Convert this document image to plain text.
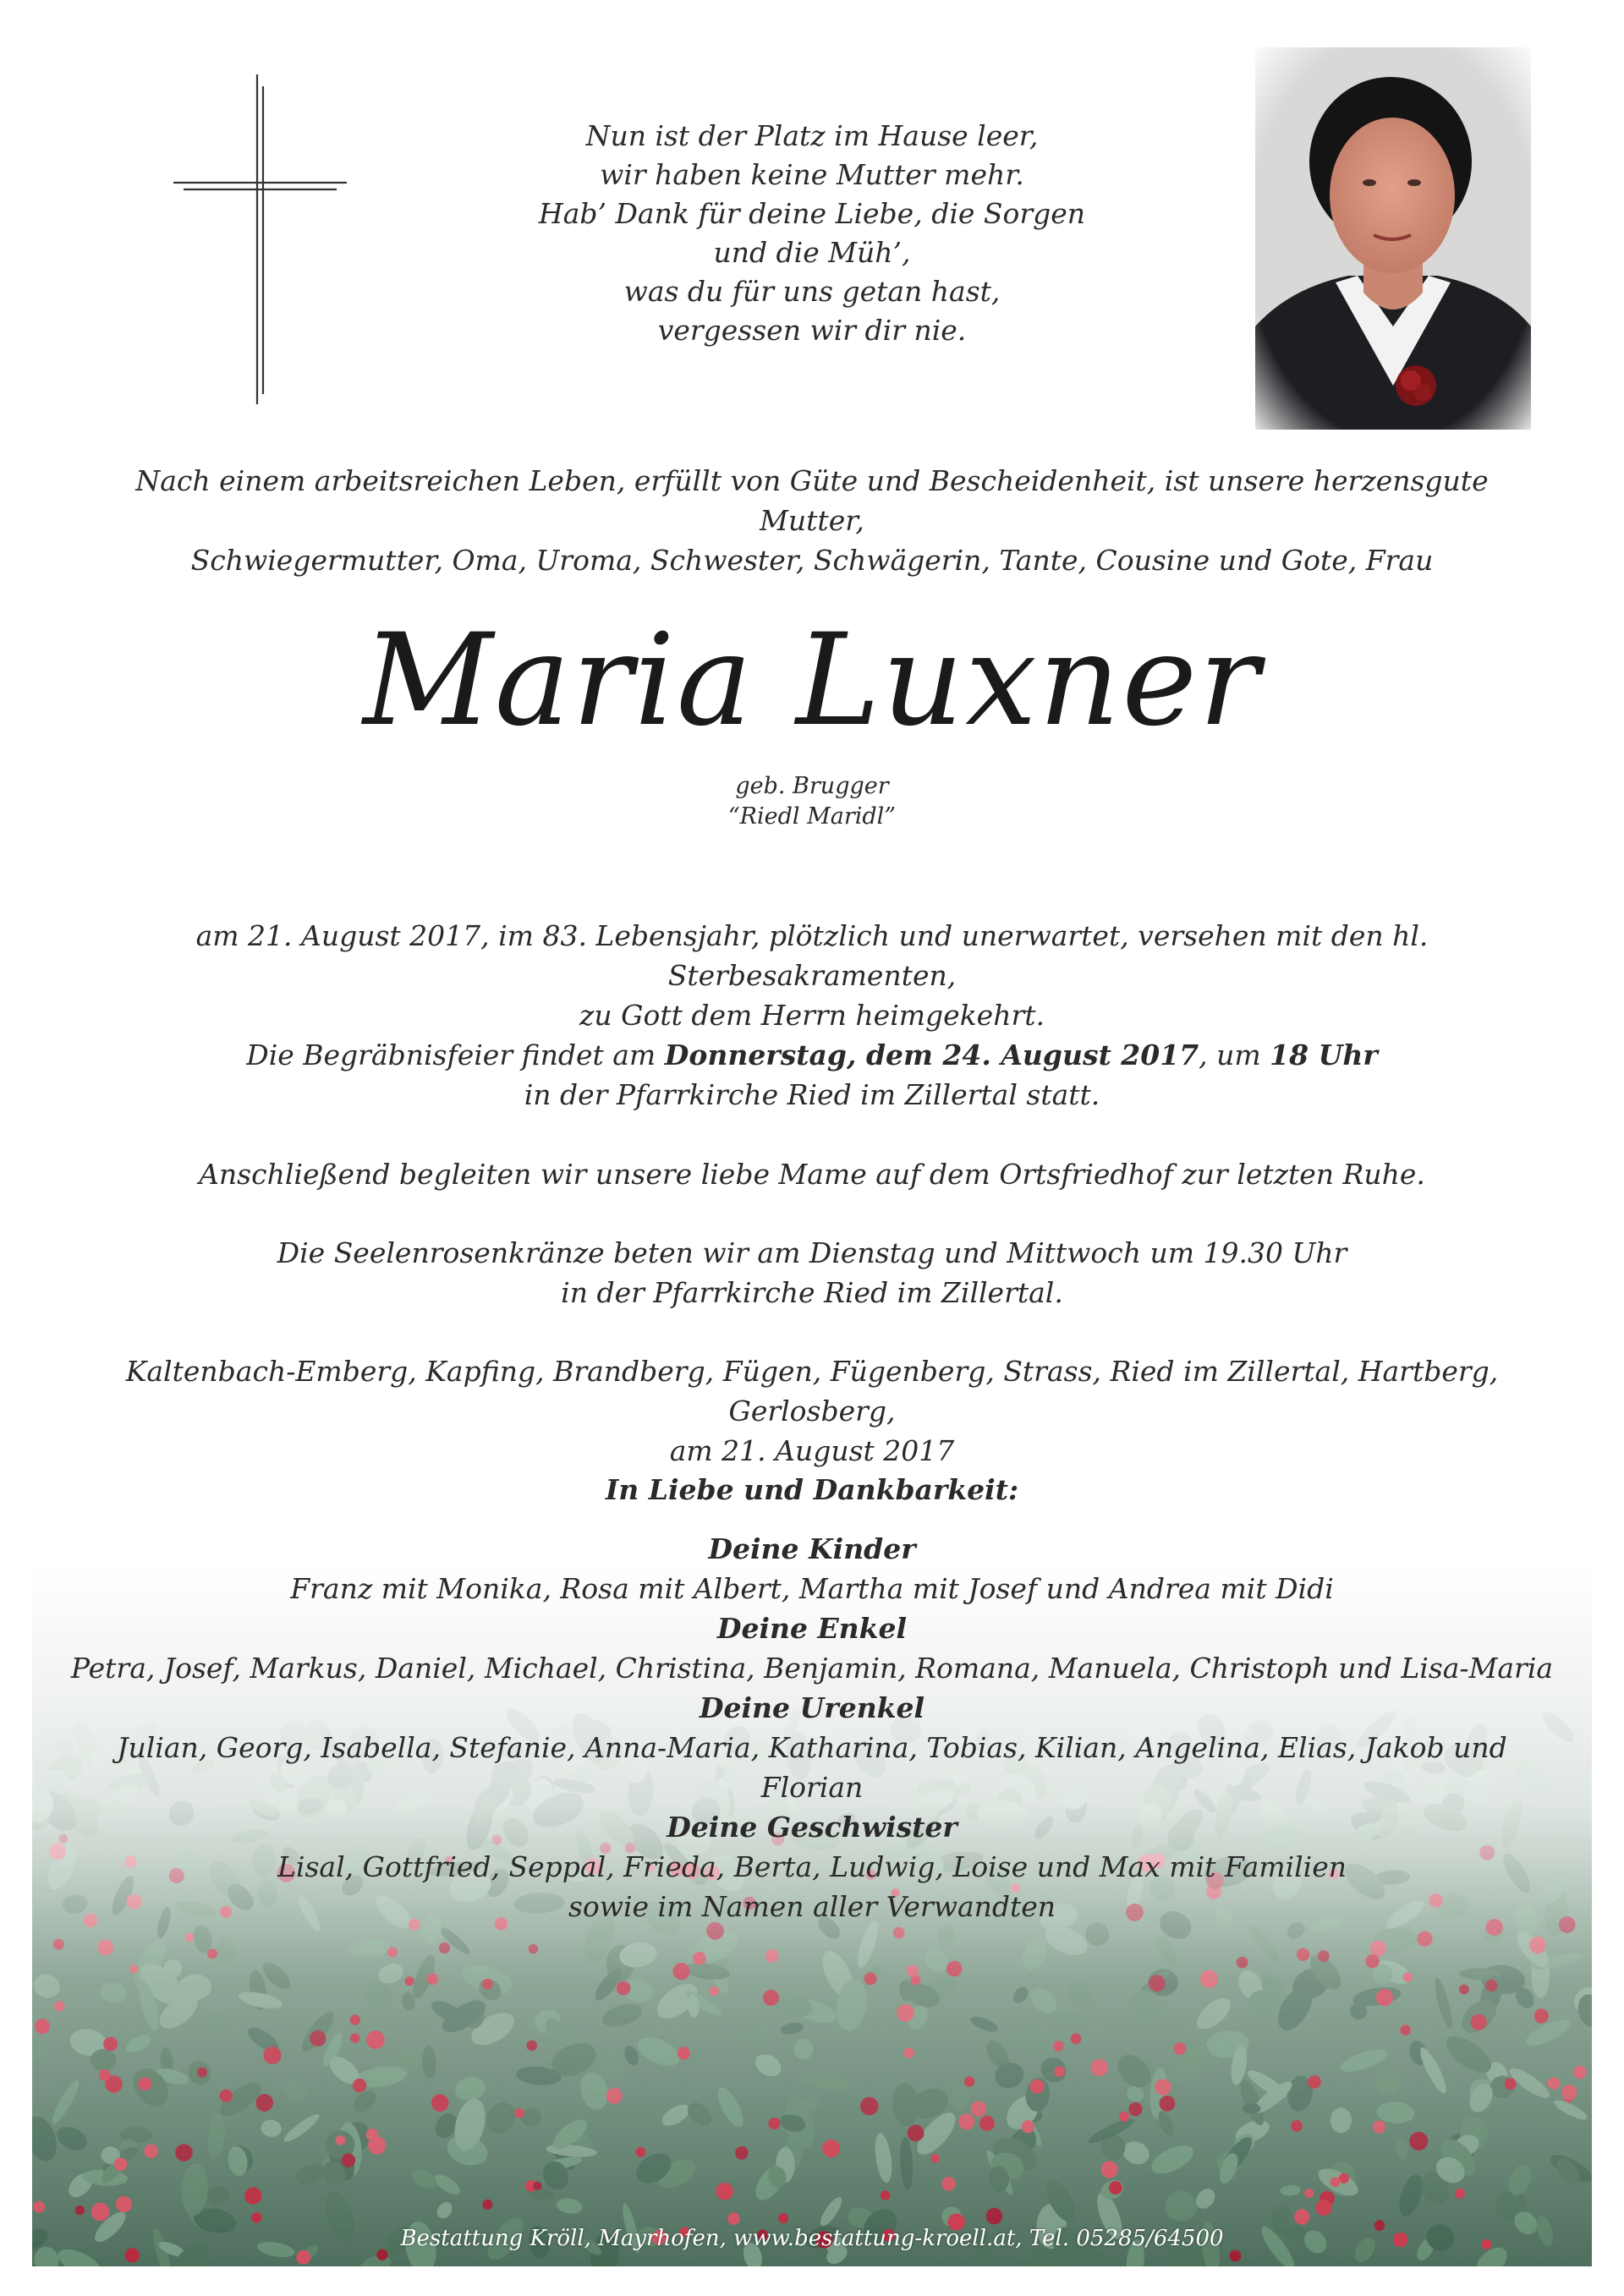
Nun ist der Platz im Hause leer,
wir haben keine Mutter mehr.
Hab’ Dank für deine Liebe, die Sorgen
und die Müh’,
was du für uns getan hast,
vergessen wir dir nie.
Nach einem arbeitsreichen Leben, erfüllt von Güte und Bescheidenheit, ist unsere herzensgute Mutter,
Schwiegermutter, Oma, Uroma, Schwester, Schwägerin, Tante, Cousine und Gote, Frau
Maria Luxner
geb. Brugger
“Riedl Maridl”
am 21. August 2017, im 83. Lebensjahr, plötzlich und unerwartet, versehen mit den hl. Sterbesakramenten,
zu Gott dem Herrn heimgekehrt.
Die Begräbnisfeier findet am Donnerstag, dem 24. August 2017, um 18 Uhr
in der Pfarrkirche Ried im Zillertal statt.
Anschließend begleiten wir unsere liebe Mame auf dem Ortsfriedhof zur letzten Ruhe.
Die Seelenrosenkränze beten wir am Dienstag und Mittwoch um 19.30 Uhr
in der Pfarrkirche Ried im Zillertal.
Kaltenbach-Emberg, Kapfing, Brandberg, Fügen, Fügenberg, Strass, Ried im Zillertal, Hartberg, Gerlosberg,
am 21. August 2017
In Liebe und Dankbarkeit:
Deine Kinder
Franz mit Monika, Rosa mit Albert, Martha mit Josef und Andrea mit Didi
Deine Enkel
Petra, Josef, Markus, Daniel, Michael, Christina, Benjamin, Romana, Manuela, Christoph und Lisa-Maria
Deine Urenkel
Julian, Georg, Isabella, Stefanie, Anna-Maria, Katharina, Tobias, Kilian, Angelina, Elias, Jakob und Florian
Deine Geschwister
Lisal, Gottfried, Seppal, Frieda, Berta, Ludwig, Loise und Max mit Familien
sowie im Namen aller Verwandten
Bestattung Kröll, Mayrhofen, www.bestattung-kroell.at, Tel. 05285/64500
